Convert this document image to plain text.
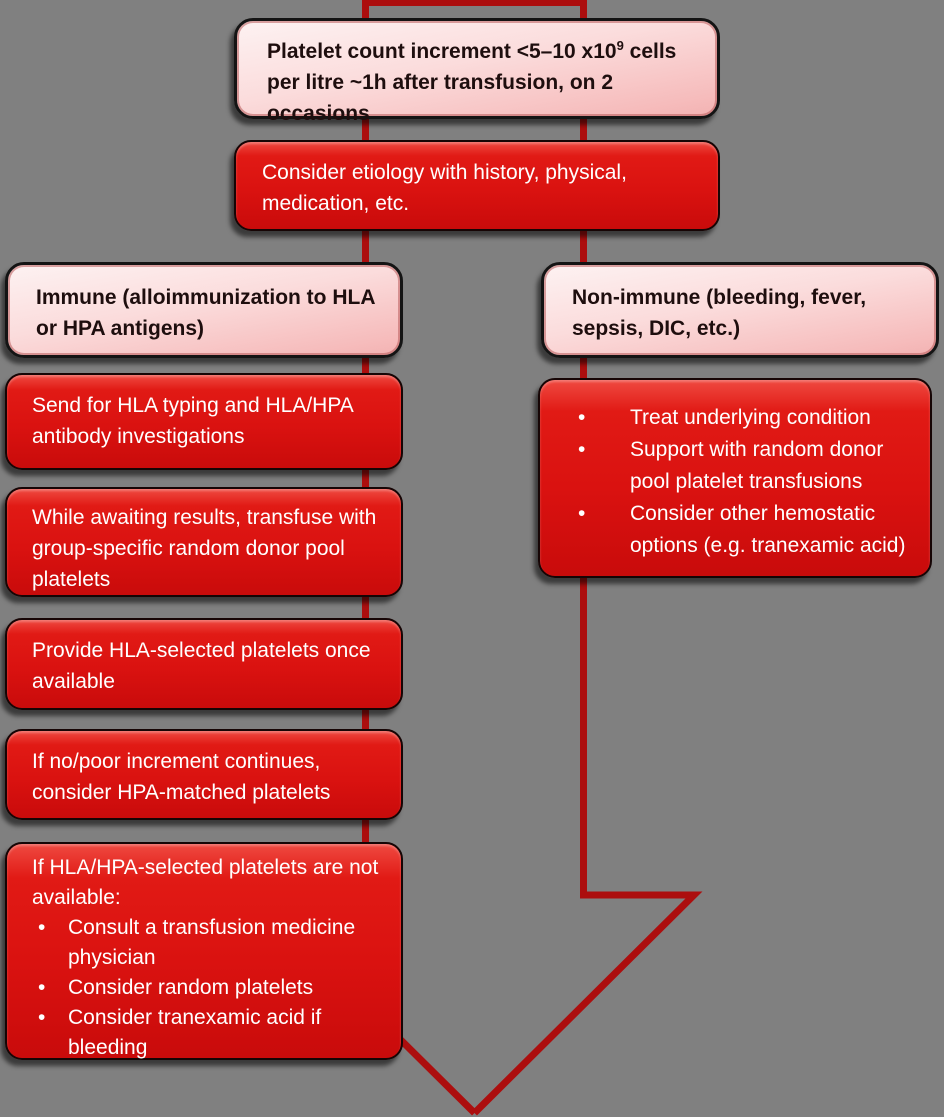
Platelet count increment <5–10 $x10^9$ cells per litre ~1h after transfusion, on 2 occasions

Consider etiology with history, physical, medication, etc.

Immune (alloimmunization to HLA or HPA antigens)

Non-immune (bleeding, fever, sepsis, DIC, etc.)

Send for HLA typing and HLA/HPA antibody investigations

While awaiting results, transfuse with group-specific random donor pool platelets

Provide HLA-selected platelets once available

If no/poor increment continues, consider HPA-matched platelets

If HLA/HPA-selected platelets are not available:

•	Consult a transfusion medicine physician
•	Consider random platelets
•	Consider tranexamic acid if bleeding
•	Treat underlying condition
•	Support with random donor pool platelet transfusions
•	Consider other hemostatic options (e.g. tranexamic acid)
